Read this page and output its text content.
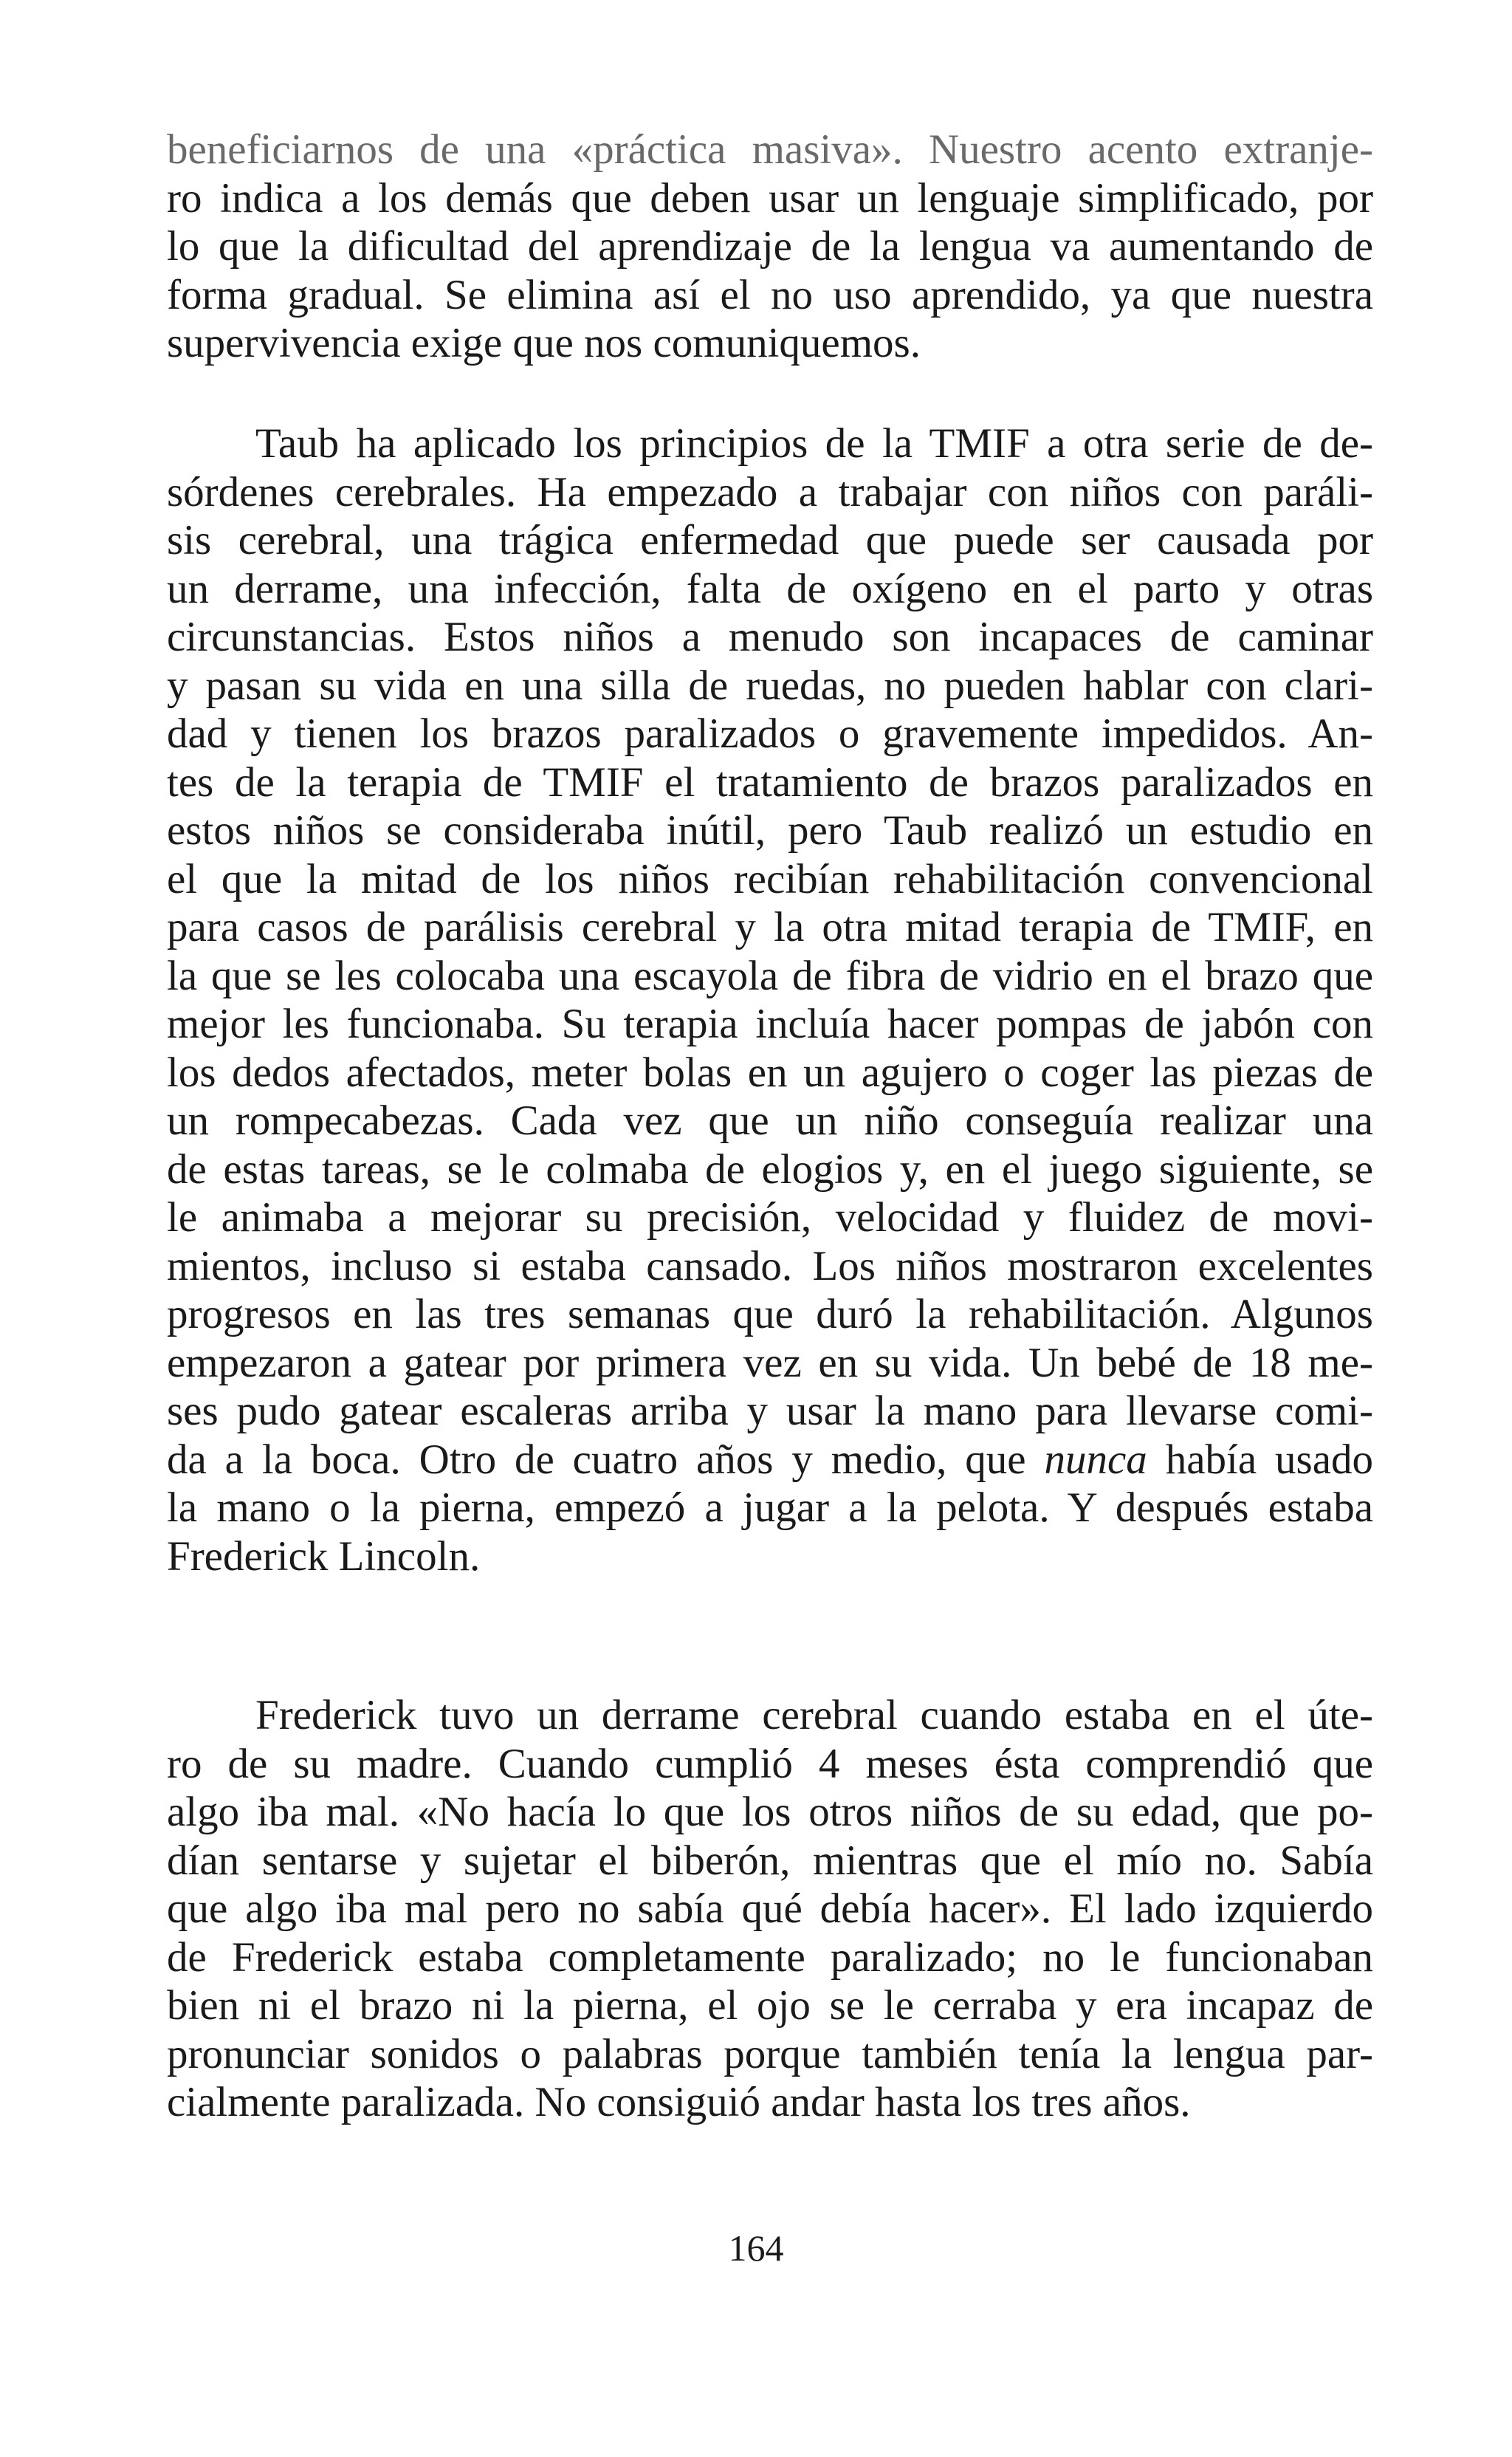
beneficiarnos de una «práctica masiva». Nuestro acento extranje-
ro indica a los demás que deben usar un lenguaje simplificado, por
lo que la dificultad del aprendizaje de la lengua va aumentando de
forma gradual. Se elimina así el no uso aprendido, ya que nuestra
supervivencia exige que nos comuniquemos.
Taub ha aplicado los principios de la TMIF a otra serie de de-
sórdenes cerebrales. Ha empezado a trabajar con niños con paráli-
sis cerebral, una trágica enfermedad que puede ser causada por
un derrame, una infección, falta de oxígeno en el parto y otras
circunstancias. Estos niños a menudo son incapaces de caminar
y pasan su vida en una silla de ruedas, no pueden hablar con clari-
dad y tienen los brazos paralizados o gravemente impedidos. An-
tes de la terapia de TMIF el tratamiento de brazos paralizados en
estos niños se consideraba inútil, pero Taub realizó un estudio en
el que la mitad de los niños recibían rehabilitación convencional
para casos de parálisis cerebral y la otra mitad terapia de TMIF, en
la que se les colocaba una escayola de fibra de vidrio en el brazo que
mejor les funcionaba. Su terapia incluía hacer pompas de jabón con
los dedos afectados, meter bolas en un agujero o coger las piezas de
un rompecabezas. Cada vez que un niño conseguía realizar una
de estas tareas, se le colmaba de elogios y, en el juego siguiente, se
le animaba a mejorar su precisión, velocidad y fluidez de movi-
mientos, incluso si estaba cansado. Los niños mostraron excelentes
progresos en las tres semanas que duró la rehabilitación. Algunos
empezaron a gatear por primera vez en su vida. Un bebé de 18 me-
ses pudo gatear escaleras arriba y usar la mano para llevarse comi-
da a la boca. Otro de cuatro años y medio, que nunca había usado
la mano o la pierna, empezó a jugar a la pelota. Y después estaba
Frederick Lincoln.
Frederick tuvo un derrame cerebral cuando estaba en el úte-
ro de su madre. Cuando cumplió 4 meses ésta comprendió que
algo iba mal. «No hacía lo que los otros niños de su edad, que po-
dían sentarse y sujetar el biberón, mientras que el mío no. Sabía
que algo iba mal pero no sabía qué debía hacer». El lado izquierdo
de Frederick estaba completamente paralizado; no le funcionaban
bien ni el brazo ni la pierna, el ojo se le cerraba y era incapaz de
pronunciar sonidos o palabras porque también tenía la lengua par-
cialmente paralizada. No consiguió andar hasta los tres años.
164
